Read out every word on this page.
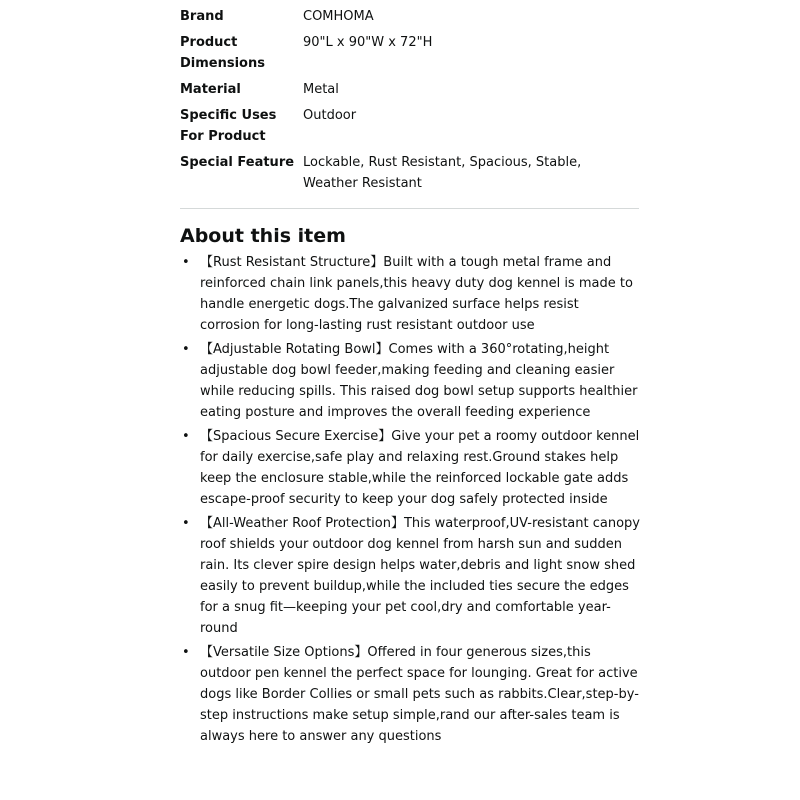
Brand	COMHOMA
Product Dimensions
90"L x 90"W x 72"H
Material	Metal
Specific Uses For Product
Outdoor
Special Feature Lockable, Rust Resistant, Spacious, Stable, Weather Resistant
About this item
• 【Rust Resistant Structure】Built with a tough metal frame and reinforced chain link panels,this heavy duty dog kennel is made to handle energetic dogs.The galvanized surface helps resist corrosion for long-lasting rust resistant outdoor use
• 【Adjustable Rotating Bowl】Comes with a 360°rotating,height adjustable dog bowl feeder,making feeding and cleaning easier while reducing spills. This raised dog bowl setup supports healthier eating posture and improves the overall feeding experience
• 【Spacious Secure Exercise】Give your pet a roomy outdoor kennel for daily exercise,safe play and relaxing rest.Ground stakes help keep the enclosure stable,while the reinforced lockable gate adds escape-proof security to keep your dog safely protected inside
• 【All-Weather Roof Protection】This waterproof,UV-resistant canopy roof shields your outdoor dog kennel from harsh sun and sudden rain. Its clever spire design helps water,debris and light snow shed easily to prevent buildup,while the included ties secure the edges for a snug fit—keeping your pet cool,dry and comfortable year-round
• 【Versatile Size Options】Offered in four generous sizes,this outdoor pen kennel the perfect space for lounging. Great for active dogs like Border Collies or small pets such as rabbits.Clear,step-by-step instructions make setup simple,rand our after-sales team is always here to answer any questions
